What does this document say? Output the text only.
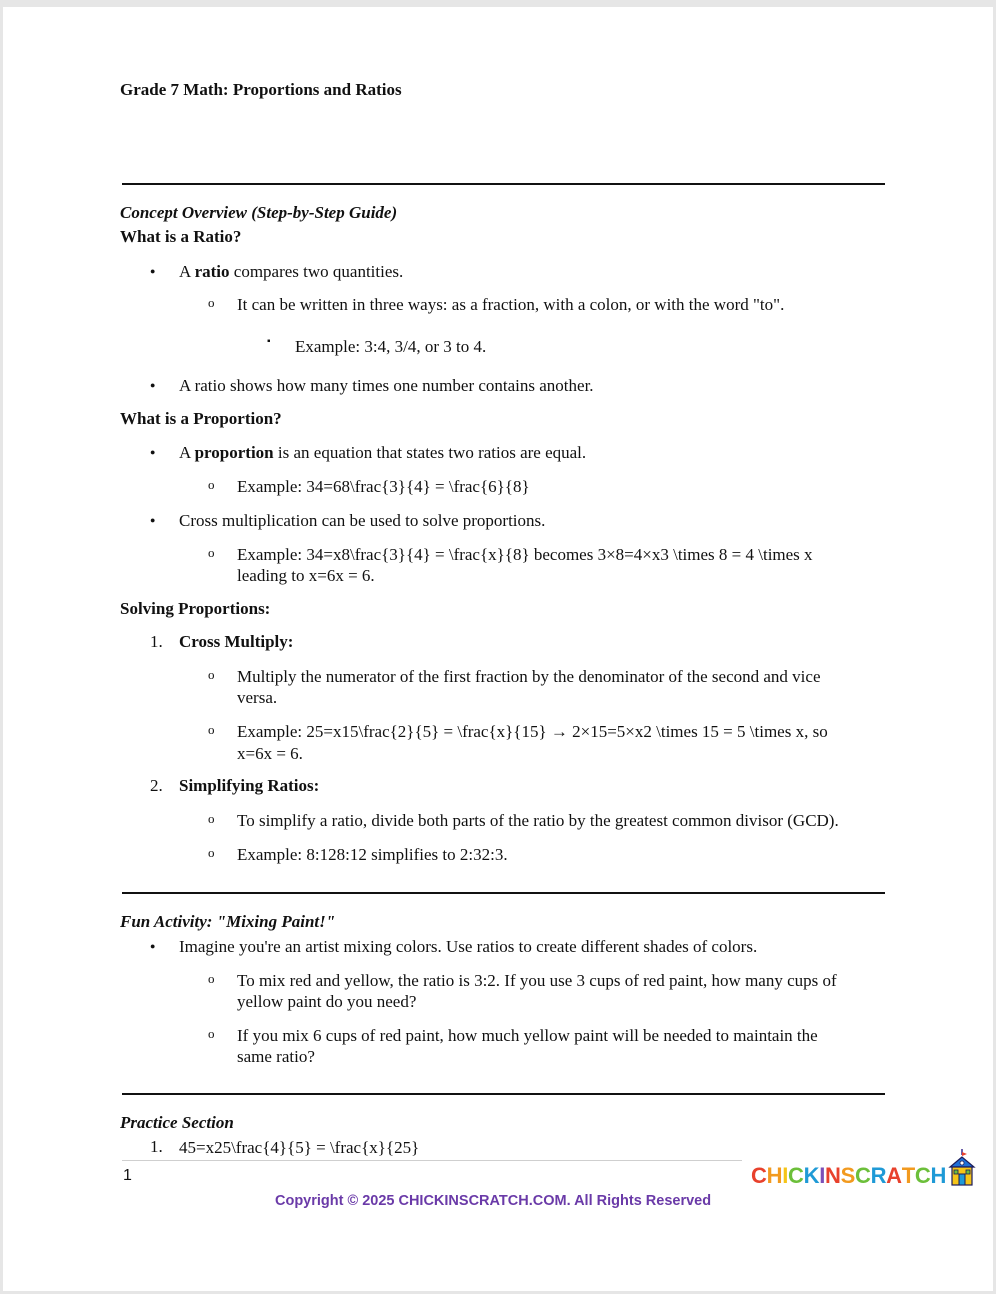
Grade 7 Math: Proportions and Ratios
Concept Overview (Step-by-Step Guide)
What is a Ratio?
●
A ratio compares two quantities.
o It can be written in three ways: as a fraction, with a colon, or with the word "to".
▪ Example: 3:4, 3/4, or 3 to 4.
●
A ratio shows how many times one number contains another.
What is a Proportion?
●
A proportion is an equation that states two ratios are equal.
o Example: 34=68\frac{3}{4} = \frac{6}{8}
●
Cross multiplication can be used to solve proportions.
o Example: 34=x8\frac{3}{4} = \frac{x}{8} becomes 3×8=4×x3 \times 8 = 4 \times x
leading to x=6x = 6.
Solving Proportions:
1. Cross Multiply:
o Multiply the numerator of the first fraction by the denominator of the second and vice
versa.
o Example: 25=x15\frac{2}{5} = \frac{x}{15} → 2×15=5×x2 \times 15 = 5 \times x, so
x=6x = 6.
2. Simplifying Ratios:
o To simplify a ratio, divide both parts of the ratio by the greatest common divisor (GCD).
o Example: 8:128:12 simplifies to 2:32:3.
Fun Activity: "Mixing Paint!"
●
Imagine you're an artist mixing colors. Use ratios to create different shades of colors.
o To mix red and yellow, the ratio is 3:2. If you use 3 cups of red paint, how many cups of
yellow paint do you need?
o If you mix 6 cups of red paint, how much yellow paint will be needed to maintain the
same ratio?
Practice Section
1. 45=x25\frac{4}{5} = \frac{x}{25}
1
Copyright © 2025 CHICKINSCRATCH.COM. All Rights Reserved
CHICKINSCRATCH
